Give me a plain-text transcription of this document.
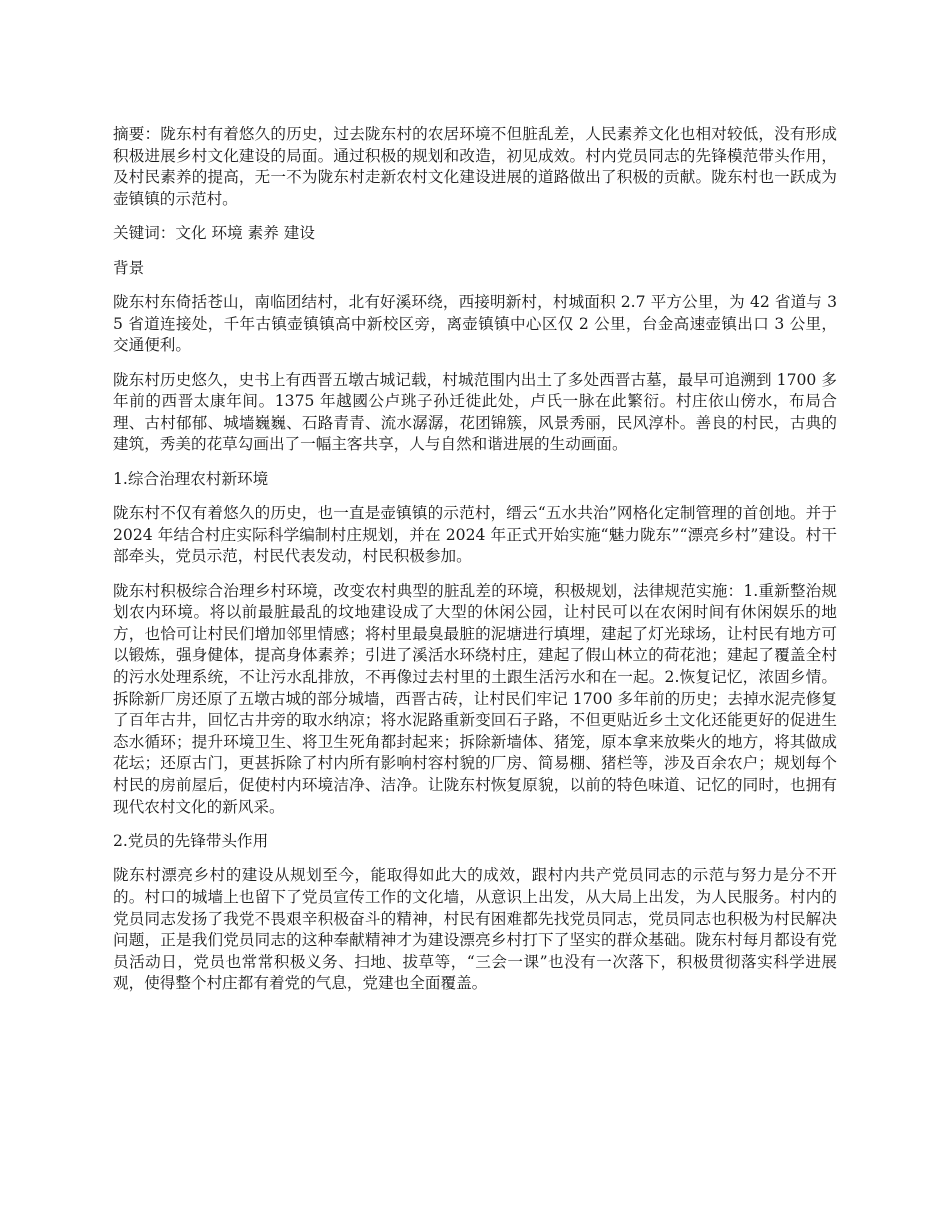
摘要：陇东村有着悠久的历史，过去陇东村的农居环境不但脏乱差，人民素养文化也相对较低，没有形成积极进展乡村文化建设的局面。通过积极的规划和改造，初见成效。村内党员同志的先锋模范带头作用，及村民素养的提高，无一不为陇东村走新农村文化建设进展的道路做出了积极的贡献。陇东村也一跃成为壶镇镇的示范村。

关键词：文化 环境 素养 建设

背景

陇东村东倚括苍山，南临团结村，北有好溪环绕，西接明新村，村城面积 2.7 平方公里，为 42 省道与 35 省道连接处，千年古镇壶镇镇高中新校区旁，离壶镇镇中心区仅 2 公里，台金高速壶镇出口 3 公里，交通便利。

陇东村历史悠久，史书上有西晋五墩古城记载，村城范围内出土了多处西晋古墓，最早可追溯到 1700 多年前的西晋太康年间。1375 年越國公卢珧子孙迁徙此处，卢氏一脉在此繁衍。村庄依山傍水，布局合理、古村郁郁、城墙巍巍、石路青青、流水潺潺，花团锦簇，风景秀丽，民风淳朴。善良的村民，古典的建筑，秀美的花草勾画出了一幅主客共享，人与自然和谐进展的生动画面。

1.综合治理农村新环境

陇东村不仅有着悠久的历史，也一直是壶镇镇的示范村，缙云“五水共治”网格化定制管理的首创地。并于 2024 年结合村庄实际科学编制村庄规划，并在 2024 年正式开始实施“魅力陇东”“漂亮乡村”建设。村干部牵头，党员示范，村民代表发动，村民积极参加。

陇东村积极综合治理乡村环境，改变农村典型的脏乱差的环境，积极规划，法律规范实施：1.重新整治规划农内环境。将以前最脏最乱的坟地建设成了大型的休闲公园，让村民可以在农闲时间有休闲娱乐的地方，也恰可让村民们增加邻里情感；将村里最臭最脏的泥塘进行填埋，建起了灯光球场，让村民有地方可以锻炼，强身健体，提高身体素养；引进了溪活水环绕村庄，建起了假山林立的荷花池；建起了覆盖全村的污水处理系统，不让污水乱排放，不再像过去村里的土跟生活污水和在一起。2.恢复记忆，浓固乡情。拆除新厂房还原了五墩古城的部分城墙，西晋古砖，让村民们牢记 1700 多年前的历史；去掉水泥壳修复了百年古井，回忆古井旁的取水纳凉；将水泥路重新变回石子路，不但更贴近乡土文化还能更好的促进生态水循环；提升环境卫生、将卫生死角都封起来；拆除新墙体、猪笼，原本拿来放柴火的地方，将其做成花坛；还原古门，更甚拆除了村内所有影响村容村貌的厂房、简易棚、猪栏等，涉及百余农户；规划每个村民的房前屋后，促使村内环境洁净、洁净。让陇东村恢复原貌，以前的特色味道、记忆的同时，也拥有现代农村文化的新风采。

2.党员的先锋带头作用

陇东村漂亮乡村的建设从规划至今，能取得如此大的成效，跟村内共产党员同志的示范与努力是分不开的。村口的城墙上也留下了党员宣传工作的文化墙，从意识上出发，从大局上出发，为人民服务。村内的党员同志发扬了我党不畏艰辛积极奋斗的精神，村民有困难都先找党员同志，党员同志也积极为村民解决问题，正是我们党员同志的这种奉献精神才为建设漂亮乡村打下了坚实的群众基础。陇东村每月都设有党员活动日，党员也常常积极义务、扫地、拔草等，“三会一课”也没有一次落下，积极贯彻落实科学进展观，使得整个村庄都有着党的气息，党建也全面覆盖。
